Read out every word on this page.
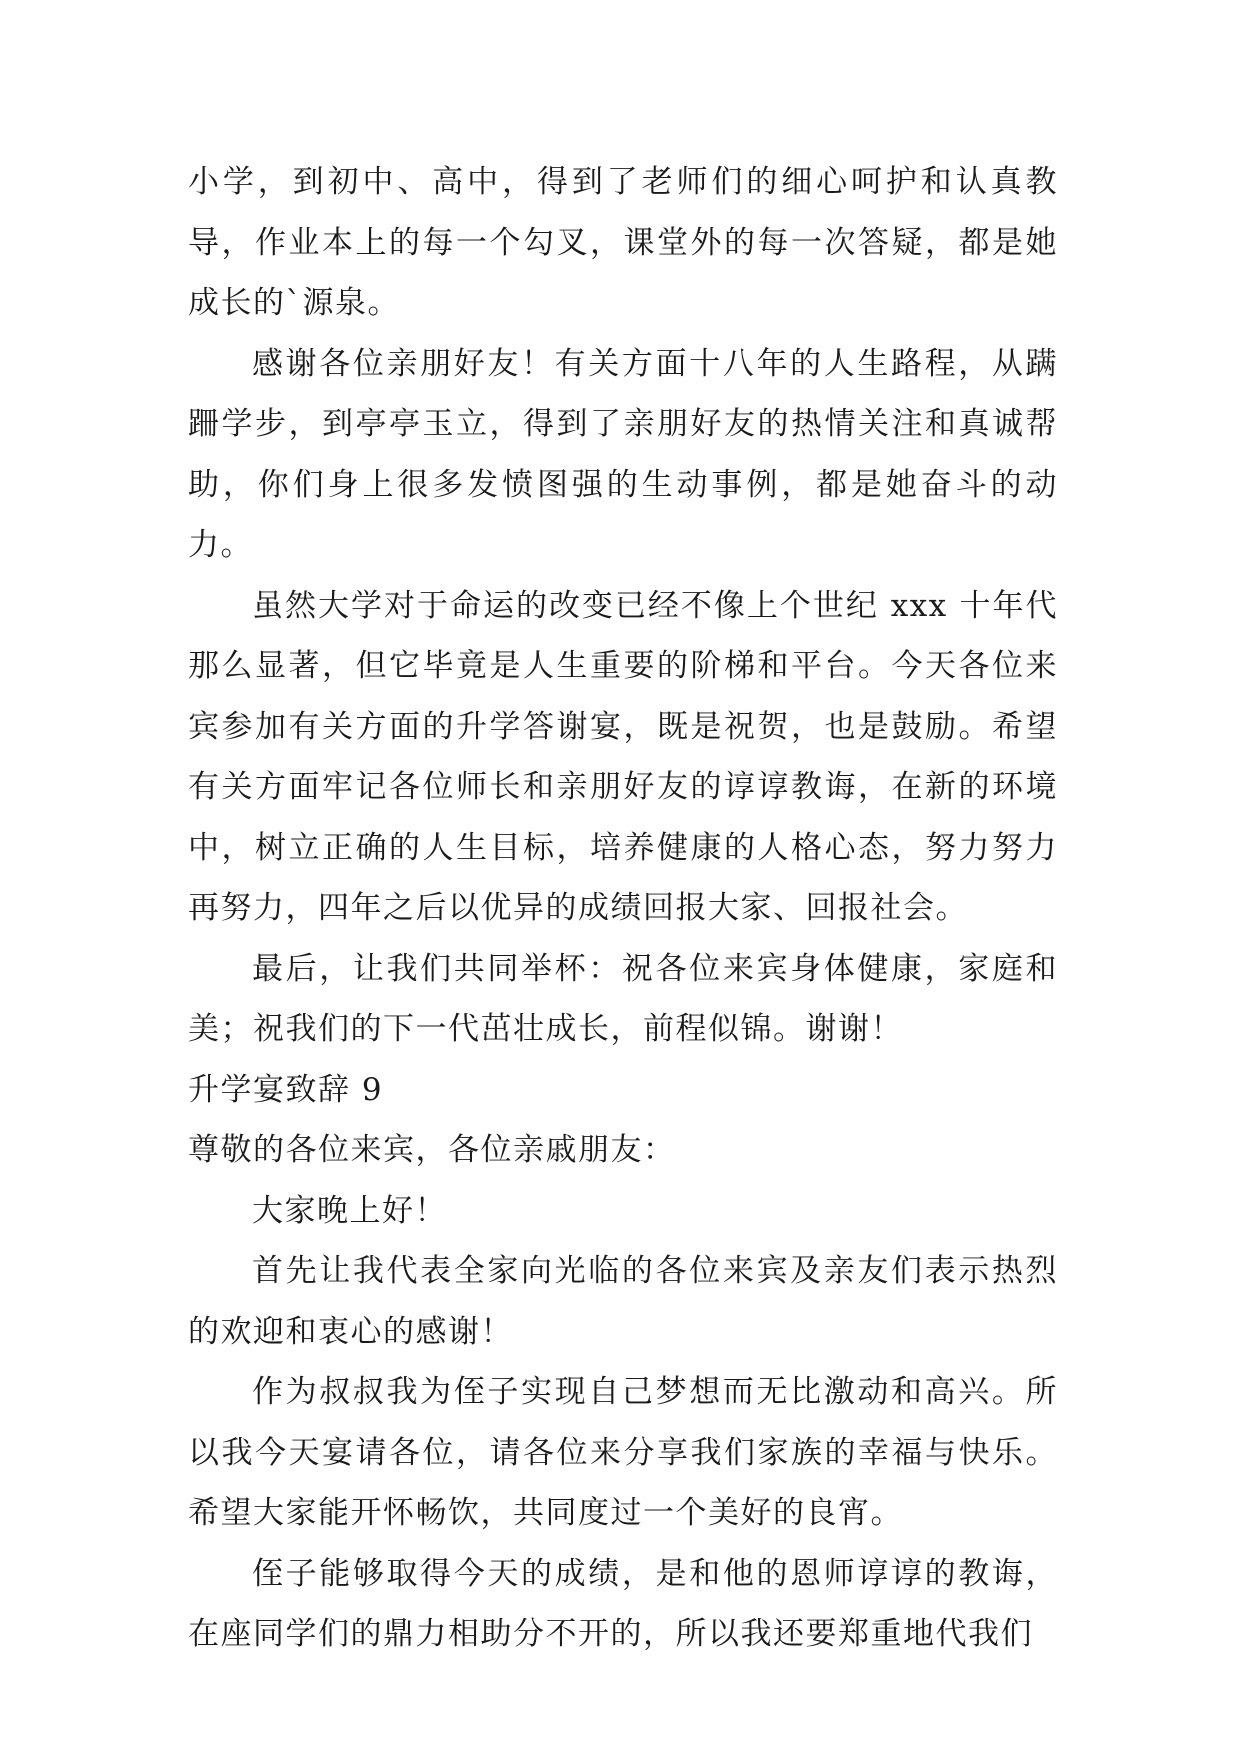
小学，到初中、高中，得到了老师们的细心呵护和认真教导，作业本上的每一个勾叉，课堂外的每一次答疑，都是她成长的`源泉。

感谢各位亲朋好友！有关方面十八年的人生路程，从蹒跚学步，到亭亭玉立，得到了亲朋好友的热情关注和真诚帮助，你们身上很多发愤图强的生动事例，都是她奋斗的动力。

虽然大学对于命运的改变已经不像上个世纪 xxx 十年代那么显著，但它毕竟是人生重要的阶梯和平台。今天各位来宾参加有关方面的升学答谢宴，既是祝贺，也是鼓励。希望有关方面牢记各位师长和亲朋好友的谆谆教诲，在新的环境中，树立正确的人生目标，培养健康的人格心态，努力努力再努力，四年之后以优异的成绩回报大家、回报社会。

最后，让我们共同举杯：祝各位来宾身体健康，家庭和美；祝我们的下一代茁壮成长，前程似锦。谢谢！

升学宴致辞 9

尊敬的各位来宾，各位亲戚朋友：

大家晚上好！

首先让我代表全家向光临的各位来宾及亲友们表示热烈的欢迎和衷心的感谢！

作为叔叔我为侄子实现自己梦想而无比激动和高兴。所以我今天宴请各位，请各位来分享我们家族的幸福与快乐。希望大家能开怀畅饮，共同度过一个美好的良宵。

侄子能够取得今天的成绩，是和他的恩师谆谆的教诲，在座同学们的鼎力相助分不开的，所以我还要郑重地代我们
